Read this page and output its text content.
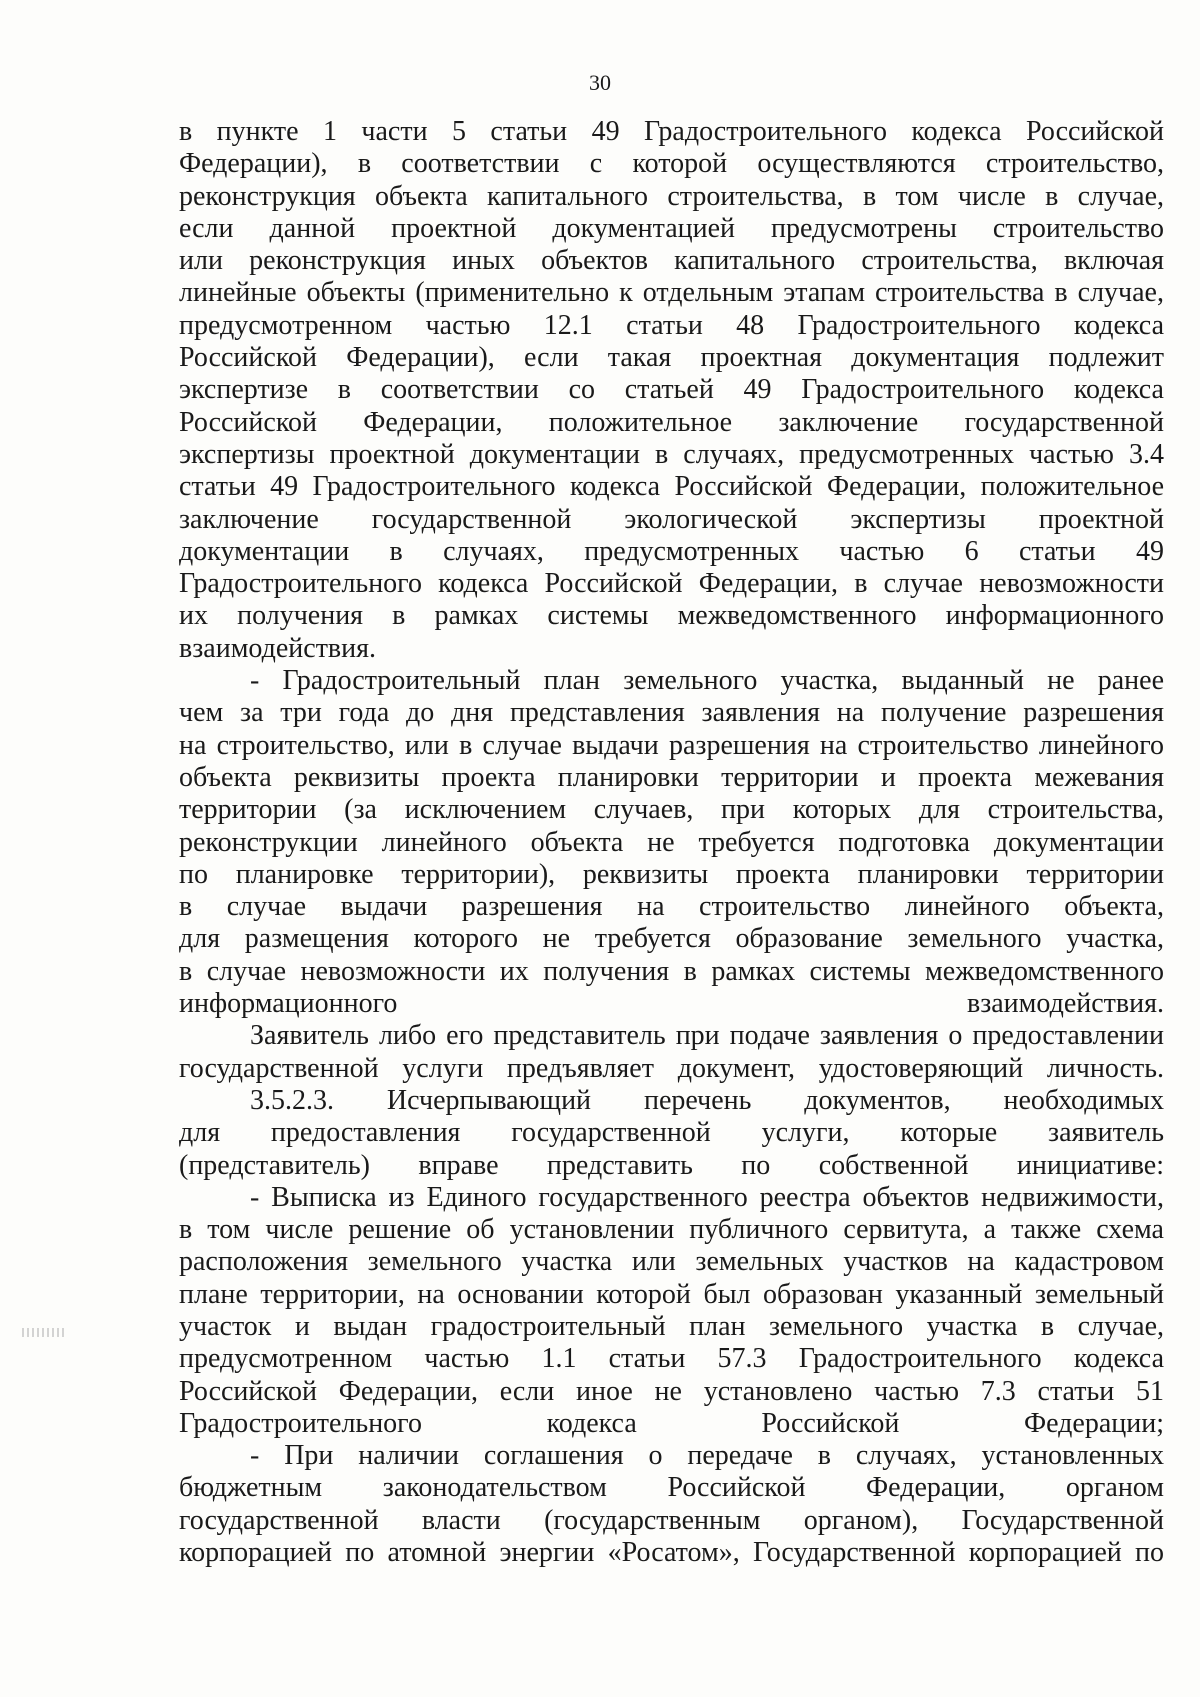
30

в пункте 1 части 5 статьи 49 Градостроительного кодекса Российской
Федерации), в соответствии с которой осуществляются строительство,
реконструкция объекта капитального строительства, в том числе в случае,
если данной проектной документацией предусмотрены строительство
или реконструкция иных объектов капитального строительства, включая
линейные объекты (применительно к отдельным этапам строительства в случае,
предусмотренном частью 12.1 статьи 48 Градостроительного кодекса
Российской Федерации), если такая проектная документация подлежит
экспертизе в соответствии со статьей 49 Градостроительного кодекса
Российской Федерации, положительное заключение государственной
экспертизы проектной документации в случаях, предусмотренных частью 3.4
статьи 49 Градостроительного кодекса Российской Федерации, положительное
заключение государственной экологической экспертизы проектной
документации в случаях, предусмотренных частью 6 статьи 49
Градостроительного кодекса Российской Федерации, в случае невозможности
их получения в рамках системы межведомственного информационного
взаимодействия.

- Градостроительный план земельного участка, выданный не ранее
чем за три года до дня представления заявления на получение разрешения
на строительство, или в случае выдачи разрешения на строительство линейного
объекта реквизиты проекта планировки территории и проекта межевания
территории (за исключением случаев, при которых для строительства,
реконструкции линейного объекта не требуется подготовка документации
по планировке территории), реквизиты проекта планировки территории
в случае выдачи разрешения на строительство линейного объекта,
для размещения которого не требуется образование земельного участка,
в случае невозможности их получения в рамках системы межведомственного
информационного взаимодействия.

Заявитель либо его представитель при подаче заявления о предоставлении
государственной услуги предъявляет документ, удостоверяющий личность.

3.5.2.3. Исчерпывающий перечень документов, необходимых
для предоставления государственной услуги, которые заявитель
(представитель) вправе представить по собственной инициативе:

- Выписка из Единого государственного реестра объектов недвижимости,
в том числе решение об установлении публичного сервитута, а также схема
расположения земельного участка или земельных участков на кадастровом
плане территории, на основании которой был образован указанный земельный
участок и выдан градостроительный план земельного участка в случае,
предусмотренном частью 1.1 статьи 57.3 Градостроительного кодекса
Российской Федерации, если иное не установлено частью 7.3 статьи 51
Градостроительного кодекса Российской Федерации;

- При наличии соглашения о передаче в случаях, установленных
бюджетным законодательством Российской Федерации, органом
государственной власти (государственным органом), Государственной
корпорацией по атомной энергии «Росатом», Государственной корпорацией по
